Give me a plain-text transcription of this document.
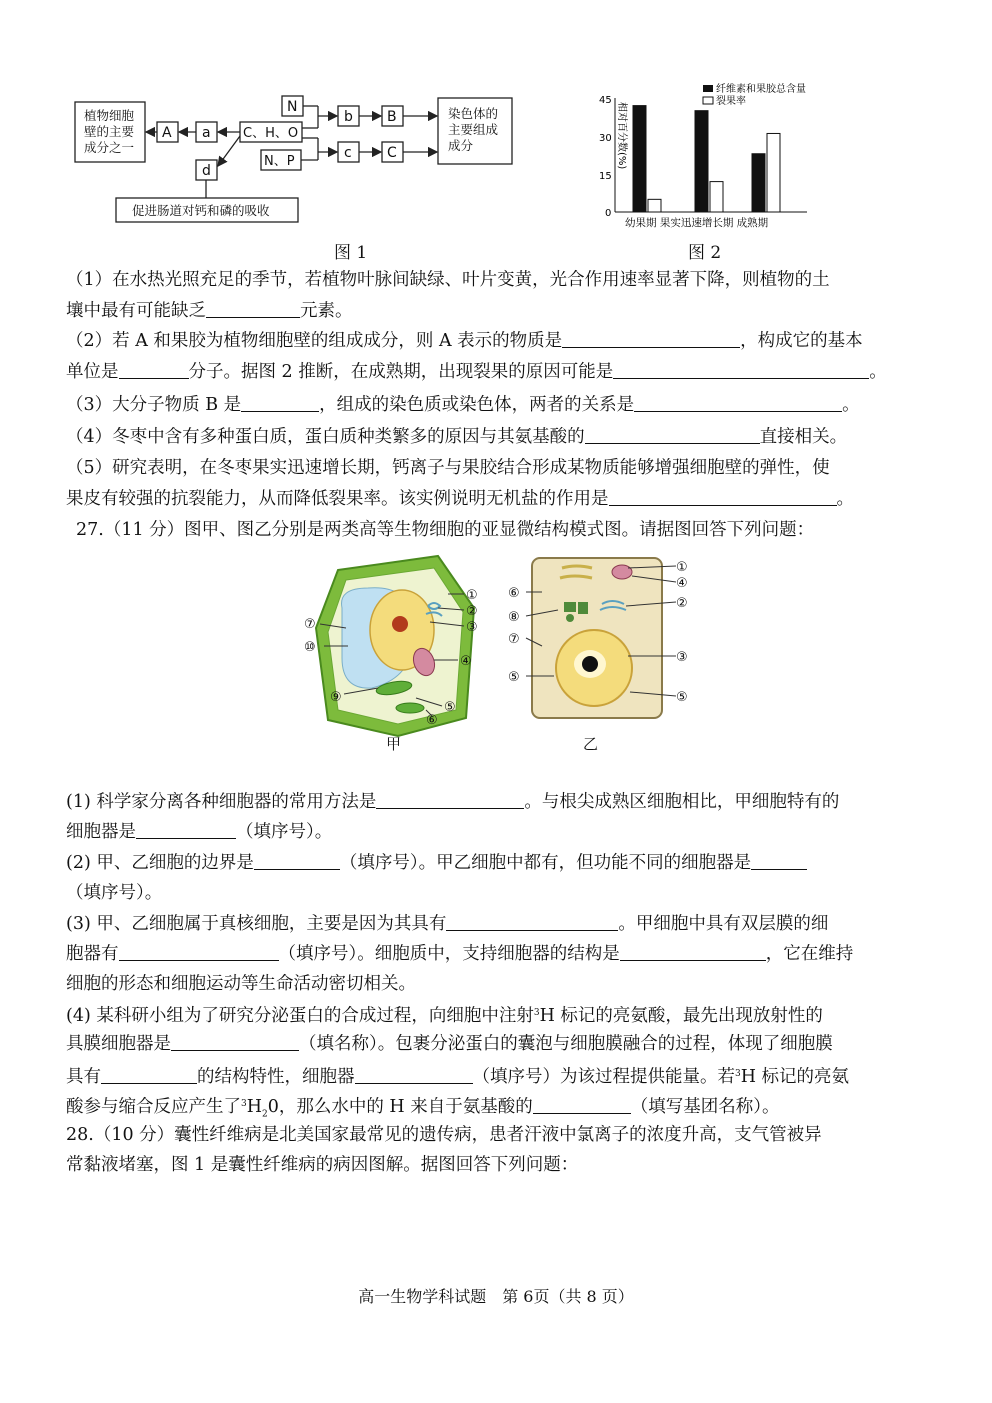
植物细胞
壁的主要
成分之一
A a C、H、O
N
N、P
b B
c	C
d
染色体的
主要组成
成分
促进肠道对钙和磷的吸收
图 1
纤维素和果胶总含量
裂果率
45
30
15
0
相对百分数(%)
幼果期 果实迅速增长期 成熟期
图 2
（1）在水热光照充足的季节，若植物叶脉间缺绿、叶片变黄，光合作用速率显著下降，则植物的土
壤中最有可能缺乏	元素。
（2）若 A 和果胶为植物细胞壁的组成成分，则 A 表示的物质是	，构成它的基本
单位是	分子。据图 2 推断，在成熟期，出现裂果的原因可能是	。
（3）大分子物质 B 是	，组成的染色质或染色体，两者的关系是	。
（4）冬枣中含有多种蛋白质，蛋白质种类繁多的原因与其氨基酸的	直接相关。
（5）研究表明，在冬枣果实迅速增长期，钙离子与果胶结合形成某物质能够增强细胞壁的弹性，使
果皮有较强的抗裂能力，从而降低裂果率。该实例说明无机盐的作用是	。
27.（11 分）图甲、图乙分别是两类高等生物细胞的亚显微结构模式图。请据图回答下列问题：
①
②
③
④
⑤
⑥
⑦
⑨
⑩
甲
①
④
②
⑥
⑧
⑦
③
⑤
⑤
乙
(1) 科学家分离各种细胞器的常用方法是	。与根尖成熟区细胞相比，甲细胞特有的
细胞器是	（填序号）。
(2) 甲、乙细胞的边界是	（填序号）。甲乙细胞中都有，但功能不同的细胞器是
（填序号）。
(3) 甲、乙细胞属于真核细胞，主要是因为其具有	。甲细胞中具有双层膜的细
胞器有	（填序号）。细胞质中，支持细胞器的结构是	，它在维持
细胞的形态和细胞运动等生命活动密切相关。
(4) 某科研小组为了研究分泌蛋白的合成过程，向细胞中注射$^3$H 标记的亮氨酸，最先出现放射性的
具膜细胞器是	（填名称）。包裹分泌蛋白的囊泡与细胞膜融合的过程，体现了细胞膜
具有	的结构特性，细胞器	（填序号）为该过程提供能量。若$^3$H 标记的亮氨
酸参与缩合反应产生了$^3H_20$，那么水中的 H 来自于氨基酸的	（填写基团名称）。
28.（10 分）囊性纤维病是北美国家最常见的遗传病，患者汗液中氯离子的浓度升高，支气管被异
常黏液堵塞，图 1 是囊性纤维病的病因图解。据图回答下列问题：
高一生物学科试题　第 6页（共 8 页）
